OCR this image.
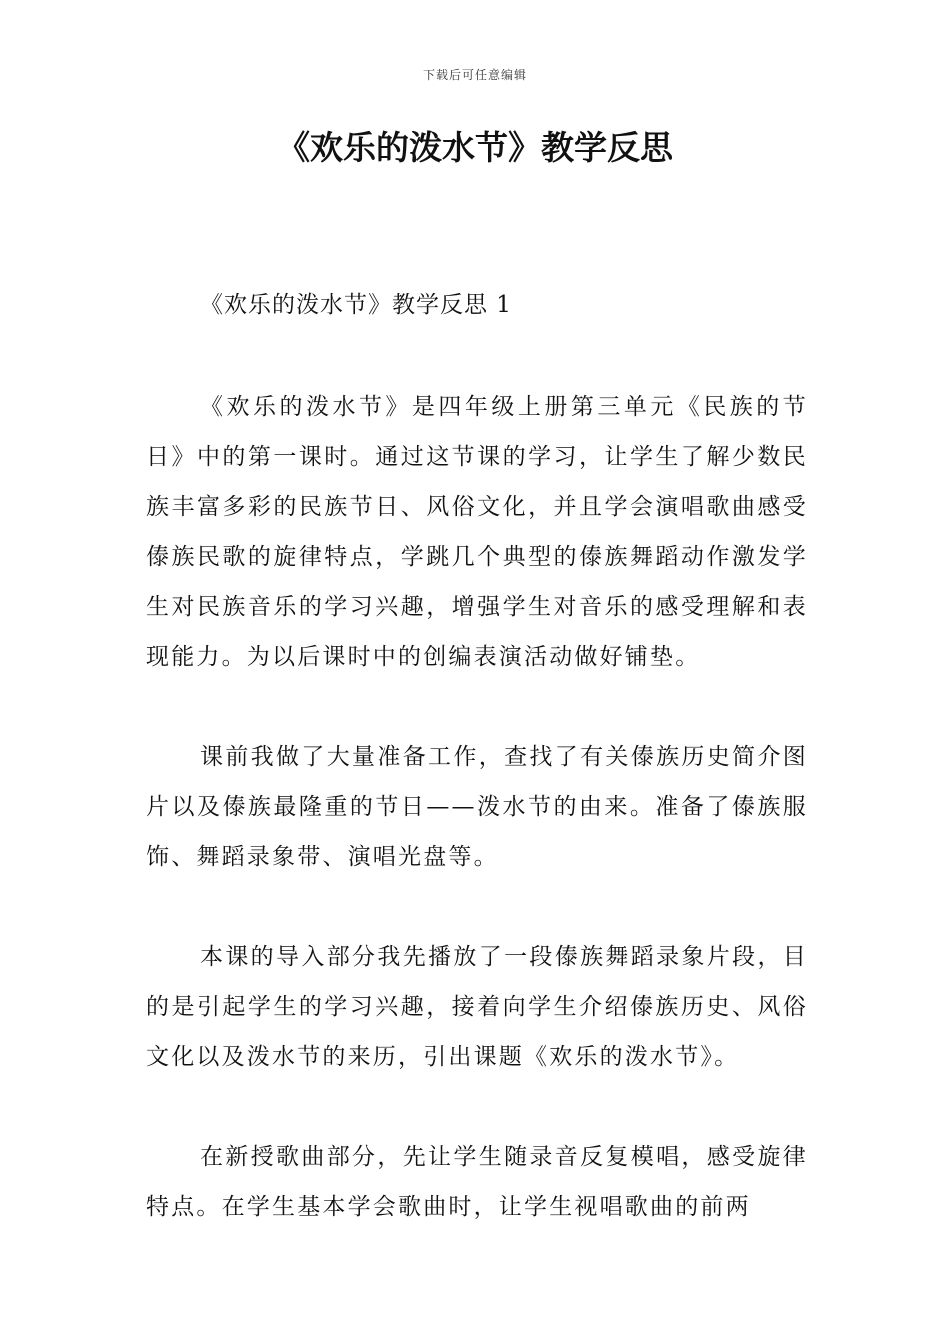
下载后可任意编辑
《欢乐的泼水节》教学反思

《欢乐的泼水节》教学反思 1

《欢乐的泼水节》是四年级上册第三单元《民族的节日》中的第一课时。通过这节课的学习，让学生了解少数民族丰富多彩的民族节日、风俗文化，并且学会演唱歌曲感受傣族民歌的旋律特点，学跳几个典型的傣族舞蹈动作激发学生对民族音乐的学习兴趣，增强学生对音乐的感受理解和表现能力。为以后课时中的创编表演活动做好铺垫。

课前我做了大量准备工作，查找了有关傣族历史简介图片以及傣族最隆重的节日——泼水节的由来。准备了傣族服饰、舞蹈录象带、演唱光盘等。

本课的导入部分我先播放了一段傣族舞蹈录象片段，目的是引起学生的学习兴趣，接着向学生介绍傣族历史、风俗文化以及泼水节的来历，引出课题《欢乐的泼水节》。

在新授歌曲部分，先让学生随录音反复模唱，感受旋律特点。在学生基本学会歌曲时，让学生视唱歌曲的前两
